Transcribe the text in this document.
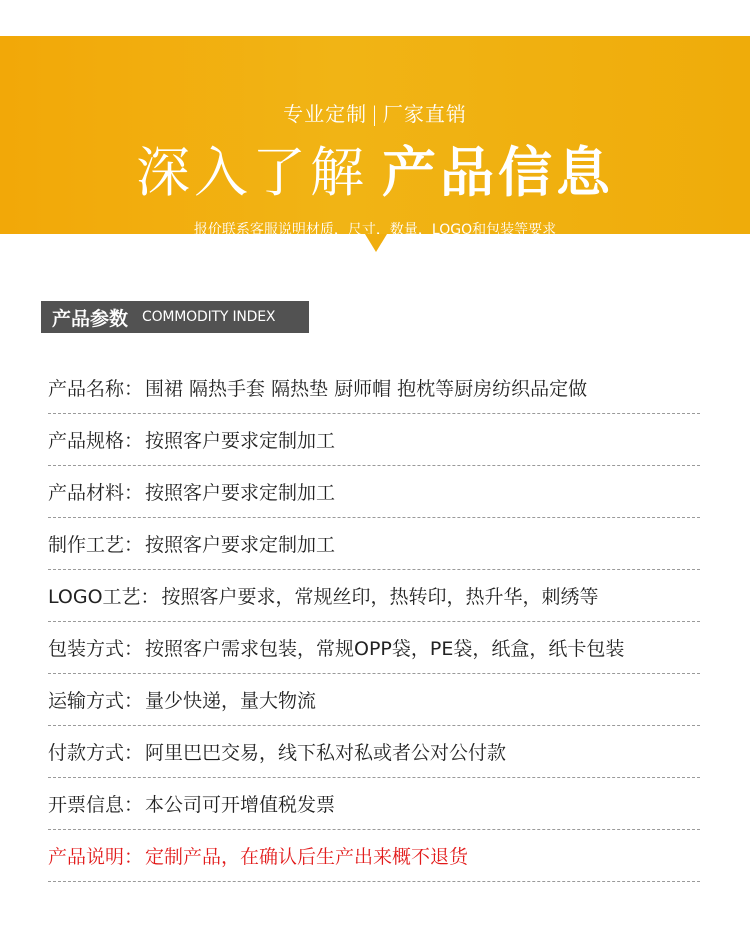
专业定制 | 厂家直销
深入了解 产品信息
报价联系客服说明材质，尺寸，数量，LOGO和包装等要求
产品参数 COMMODITY INDEX
产品名称： 围裙 隔热手套 隔热垫 厨师帽 抱枕等厨房纺织品定做
产品规格： 按照客户要求定制加工
产品材料： 按照客户要求定制加工
制作工艺： 按照客户要求定制加工
LOGO工艺： 按照客户要求，常规丝印，热转印，热升华，刺绣等
包装方式： 按照客户需求包装，常规OPP袋，PE袋，纸盒，纸卡包装
运输方式： 量少快递，量大物流
付款方式： 阿里巴巴交易，线下私对私或者公对公付款
开票信息： 本公司可开增值税发票
产品说明： 定制产品，在确认后生产出来概不退货
